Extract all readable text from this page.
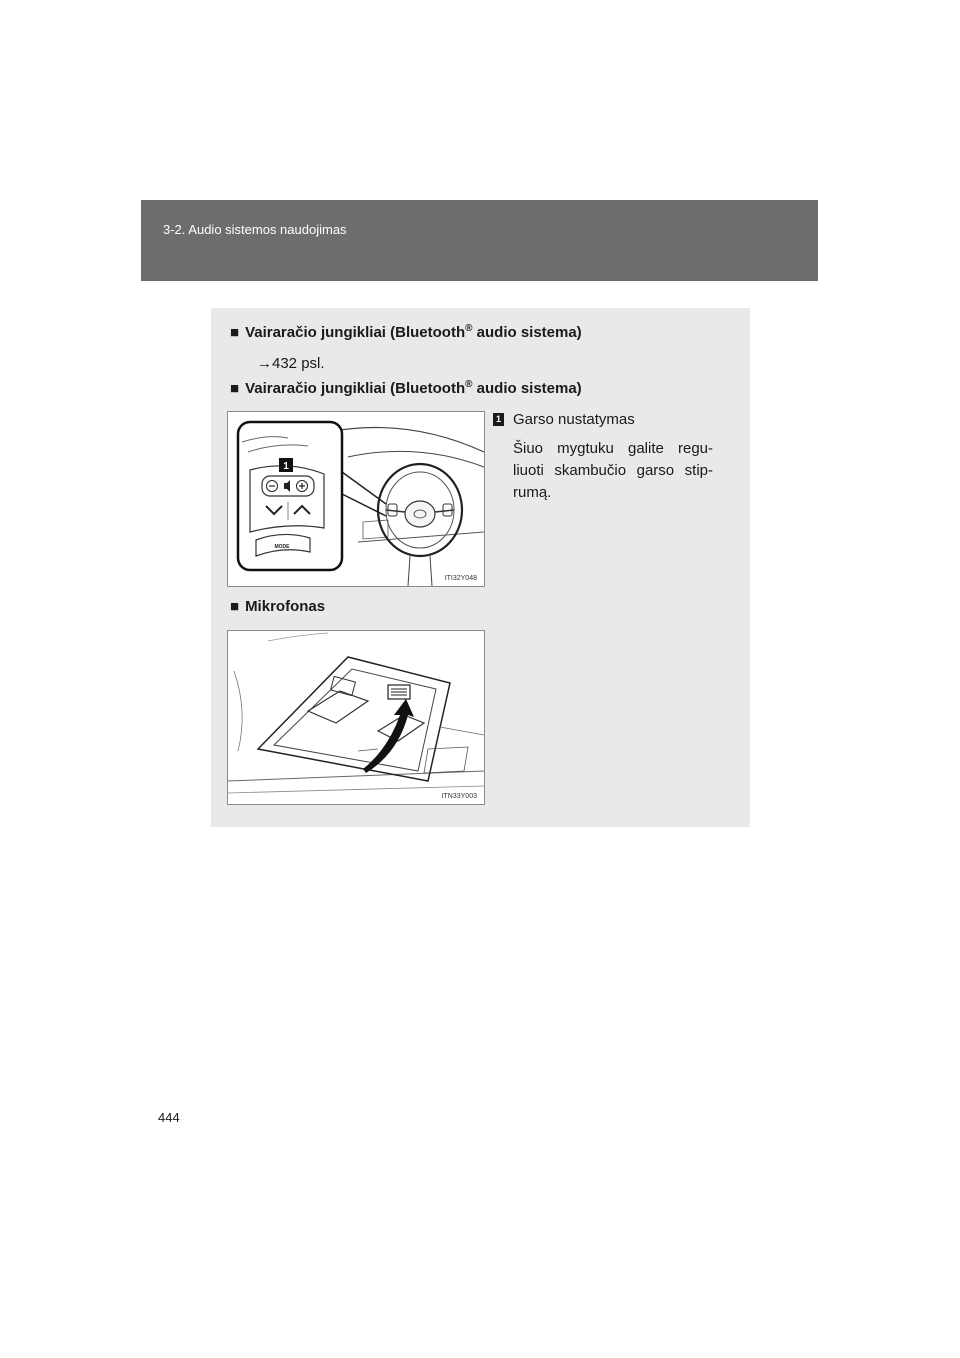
3-2. Audio sistemos naudojimas
■ Vairaračio jungikliai (Bluetooth® audio sistema)
→432 psl.
■ Vairaračio jungikliai (Bluetooth® audio sistema)
1
MODE
ITI32Y048
1 Garso nustatymas
Šiuo mygtuku galite regu-liuoti skambučio garso stip-rumą.
■ Mikrofonas
ITN33Y003
444
